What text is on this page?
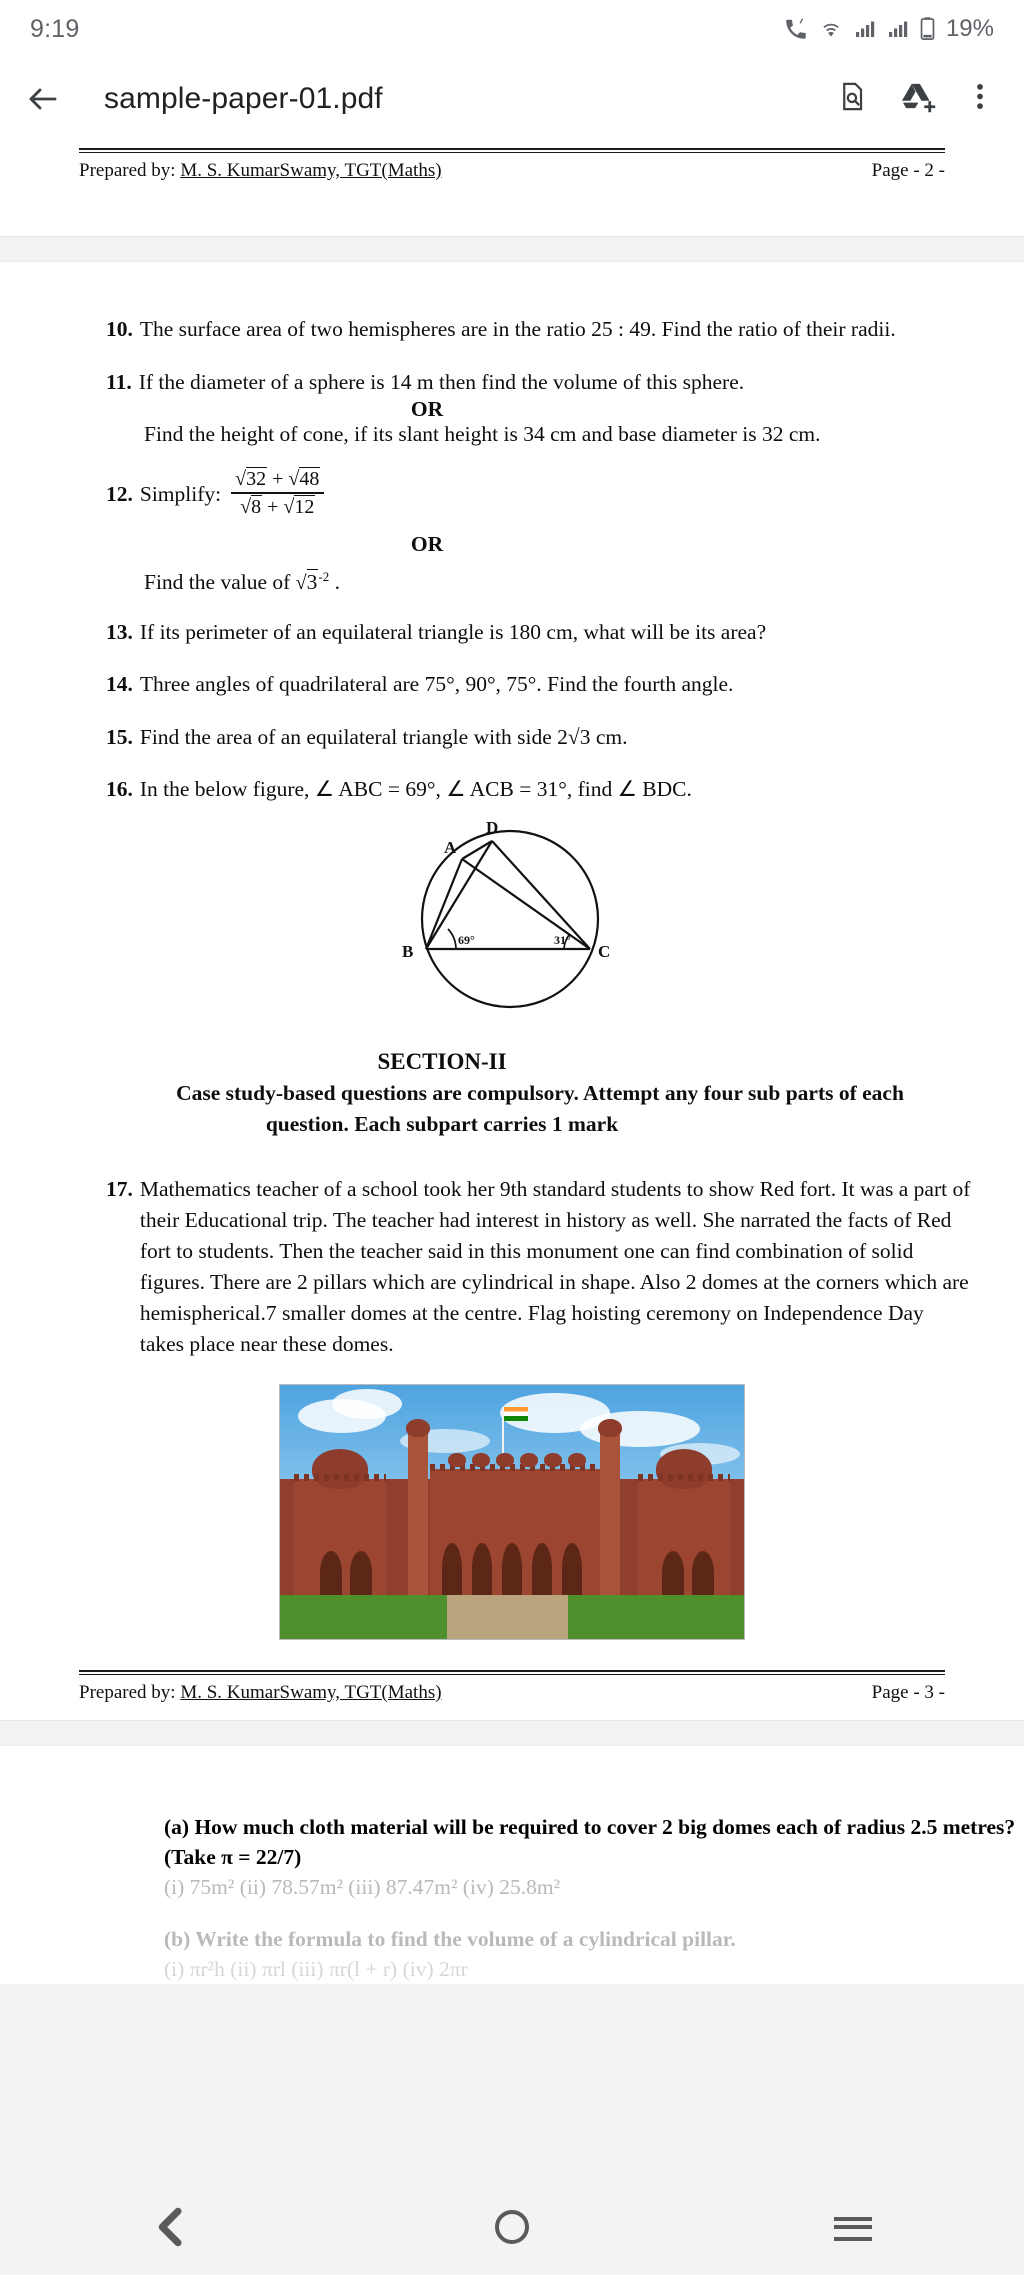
9:19	19%
sample-paper-01.pdf
Prepared by: M. S. KumarSwamy, TGT(Maths)	Page - 2 -
10. The surface area of two hemispheres are in the ratio 25 : 49. Find the ratio of their radii.
11. If the diameter of a sphere is 14 m then find the volume of this sphere.
OR
Find the height of cone, if its slant height is 34 cm and base diameter is 32 cm.
12. Simplify: $\frac{√32 + √48}{√8 + √12}$
OR
Find the value of $√3^{-2}$ .
13. If its perimeter of an equilateral triangle is 180 cm, what will be its area?
14. Three angles of quadrilateral are 75°, 90°, 75°. Find the fourth angle.
15. Find the area of an equilateral triangle with side 2√3 cm.
16. In the below figure, ∠ ABC = 69°, ∠ ACB = 31°, find ∠ BDC.
A
B	C
D
69°	31°
SECTION-II
Case study-based questions are compulsory. Attempt any four sub parts of each
question. Each subpart carries 1 mark
17. Mathematics teacher of a school took her 9th standard students to show Red fort. It was a part of
their Educational trip. The teacher had interest in history as well. She narrated the facts of Red
fort to students. Then the teacher said in this monument one can find combination of solid
figures. There are 2 pillars which are cylindrical in shape. Also 2 domes at the corners which are
hemispherical.7 smaller domes at the centre. Flag hoisting ceremony on Independence Day
takes place near these domes.
Prepared by: M. S. KumarSwamy, TGT(Maths)	Page - 3 -
(a) How much cloth material will be required to cover 2 big domes each of radius 2.5 metres?
(Take π = 22/7)
(i) 75m² (ii) 78.57m² (iii) 87.47m² (iv) 25.8m²
(b) Write the formula to find the volume of a cylindrical pillar.
(i) πr²h (ii) πrl (iii) πr(l + r) (iv) 2πr
